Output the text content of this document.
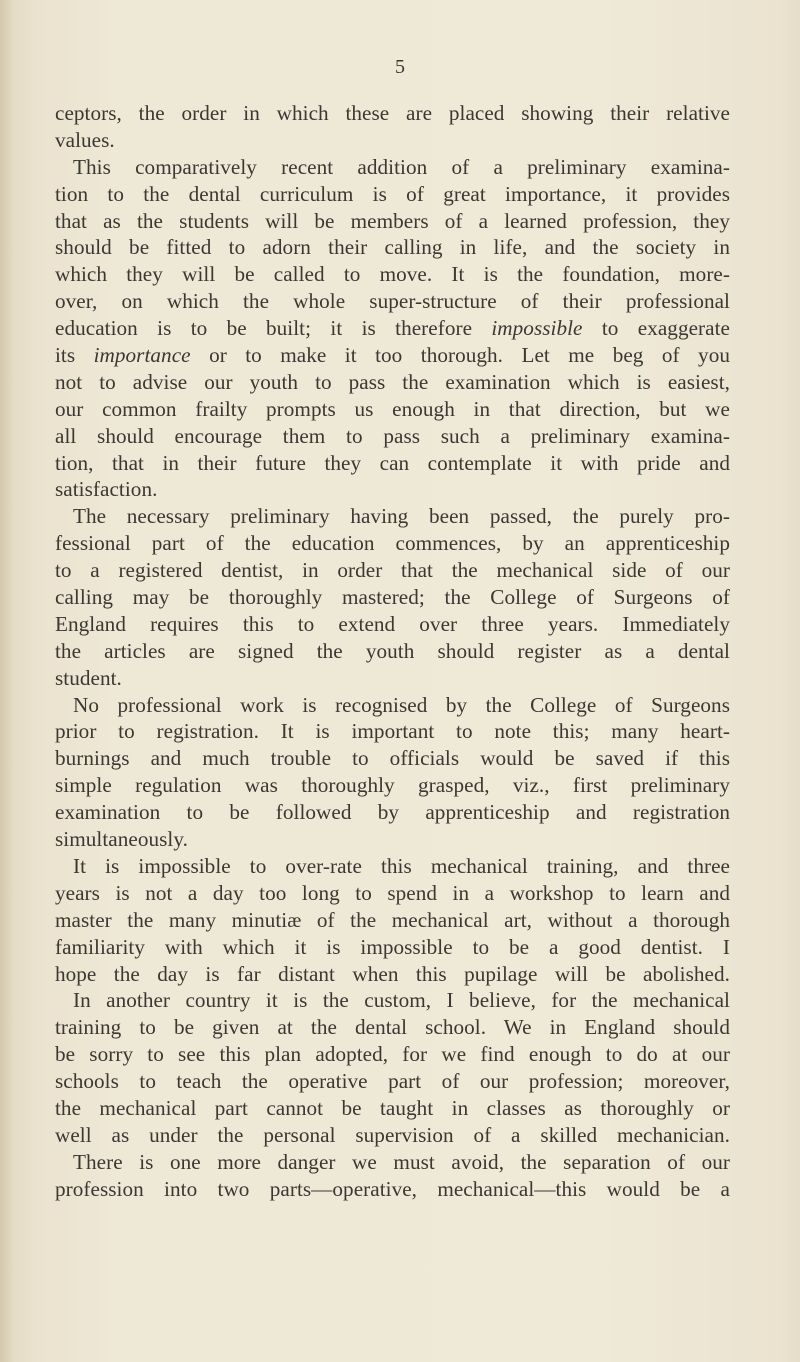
5
ceptors, the order in which these are placed showing their relative
values.
This comparatively recent addition of a preliminary examina-
tion to the dental curriculum is of great importance, it provides
that as the students will be members of a learned profession, they
should be fitted to adorn their calling in life, and the society in
which they will be called to move. It is the foundation, more-
over, on which the whole super-structure of their professional
education is to be built; it is therefore impossible to exaggerate
its importance or to make it too thorough. Let me beg of you
not to advise our youth to pass the examination which is easiest,
our common frailty prompts us enough in that direction, but we
all should encourage them to pass such a preliminary examina-
tion, that in their future they can contemplate it with pride and
satisfaction.
The necessary preliminary having been passed, the purely pro-
fessional part of the education commences, by an apprenticeship
to a registered dentist, in order that the mechanical side of our
calling may be thoroughly mastered; the College of Surgeons of
England requires this to extend over three years. Immediately
the articles are signed the youth should register as a dental
student.
No professional work is recognised by the College of Surgeons
prior to registration. It is important to note this; many heart-
burnings and much trouble to officials would be saved if this
simple regulation was thoroughly grasped, viz., first preliminary
examination to be followed by apprenticeship and registration
simultaneously.
It is impossible to over-rate this mechanical training, and three
years is not a day too long to spend in a workshop to learn and
master the many minutiæ of the mechanical art, without a thorough
familiarity with which it is impossible to be a good dentist. I
hope the day is far distant when this pupilage will be abolished.
In another country it is the custom, I believe, for the mechanical
training to be given at the dental school. We in England should
be sorry to see this plan adopted, for we find enough to do at our
schools to teach the operative part of our profession; moreover,
the mechanical part cannot be taught in classes as thoroughly or
well as under the personal supervision of a skilled mechanician.
There is one more danger we must avoid, the separation of our
profession into two parts—operative, mechanical—this would be a
